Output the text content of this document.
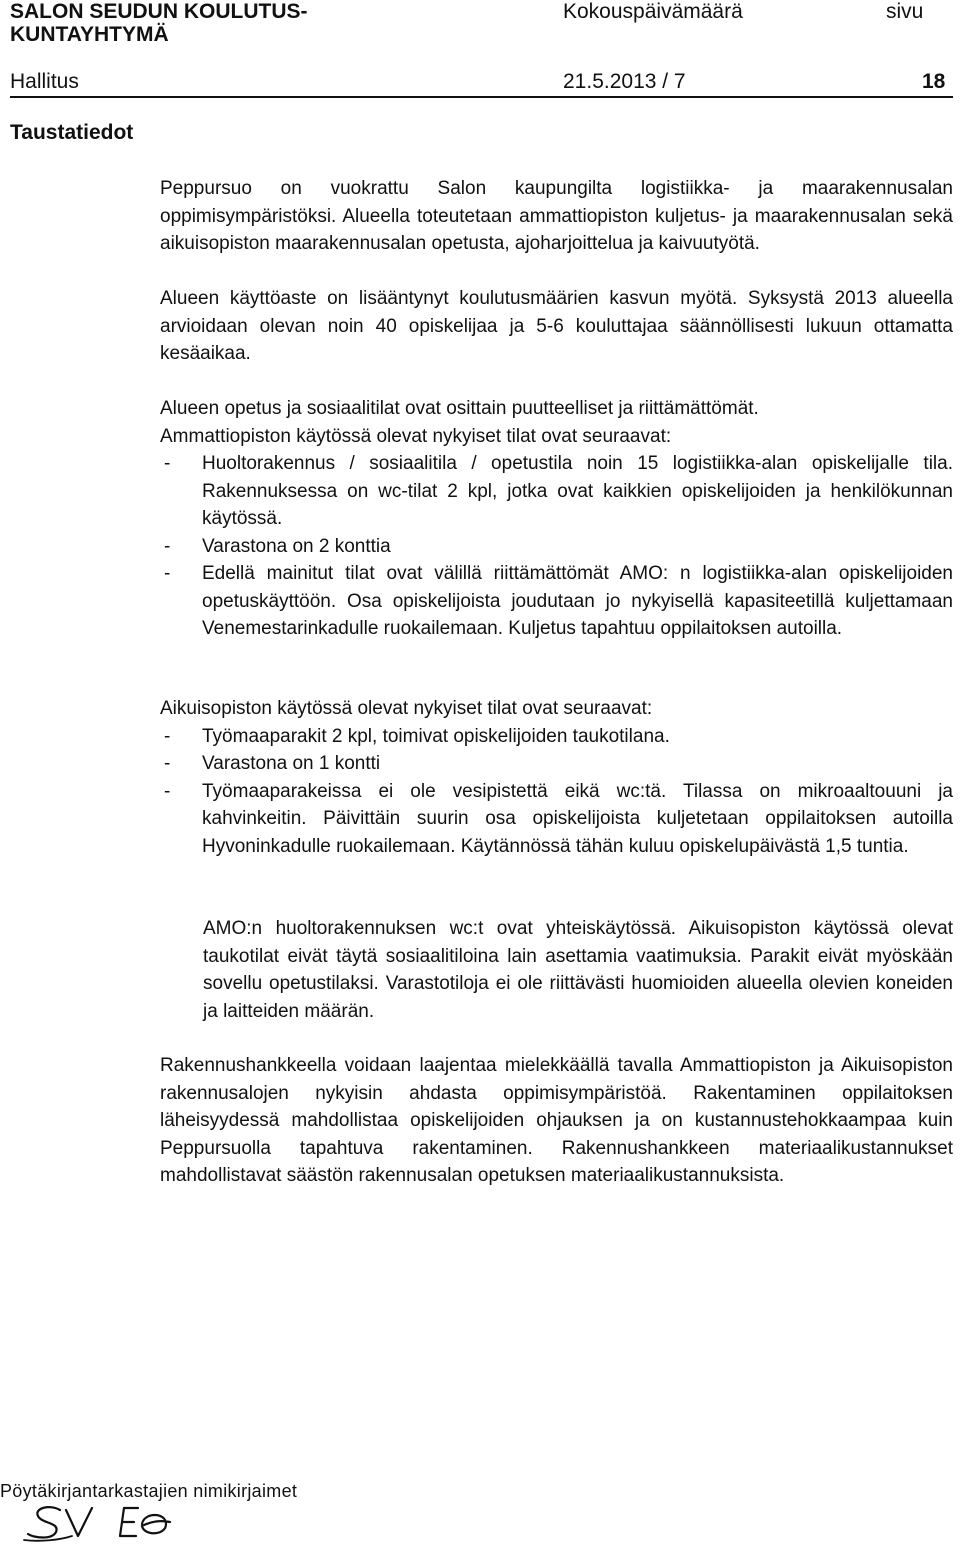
SALON SEUDUN KOULUTUS-
KUNTAYHTYMÄ
Kokouspäivämäärä	sivu
Hallitus	21.5.2013 / 7	18
Taustatiedot

Peppursuo on vuokrattu Salon kaupungilta logistiikka- ja maarakennusalan oppimisympäristöksi. Alueella toteutetaan ammattiopiston kuljetus- ja maarakennusalan sekä aikuisopiston maarakennusalan opetusta, ajoharjoittelua ja kaivuutyötä.

Alueen käyttöaste on lisääntynyt koulutusmäärien kasvun myötä. Syksystä 2013 alueella arvioidaan olevan noin 40 opiskelijaa ja 5-6 kouluttajaa säännöllisesti lukuun ottamatta kesäaikaa.

Alueen opetus ja sosiaalitilat ovat osittain puutteelliset ja riittämättömät.

Ammattiopiston käytössä olevat nykyiset tilat ovat seuraavat:

- Huoltorakennus / sosiaalitila / opetustila noin 15 logistiikka-alan opiskelijalle tila. Rakennuksessa on wc-tilat 2 kpl, jotka ovat kaikkien opiskelijoiden ja henkilökunnan käytössä.
- Varastona on 2 konttia
- Edellä mainitut tilat ovat välillä riittämättömät AMO: n logistiikka-alan opiskelijoiden opetuskäyttöön. Osa opiskelijoista joudutaan jo nykyisellä kapasiteetillä kuljettamaan Venemestarinkadulle ruokailemaan. Kuljetus tapahtuu oppilaitoksen autoilla.

Aikuisopiston käytössä olevat nykyiset tilat ovat seuraavat:

- Työmaaparakit 2 kpl, toimivat opiskelijoiden taukotilana.
- Varastona on 1 kontti
- Työmaaparakeissa ei ole vesipistettä eikä wc:tä. Tilassa on mikroaaltouuni ja kahvinkeitin. Päivittäin suurin osa opiskelijoista kuljetetaan oppilaitoksen autoilla Hyvoninkadulle ruokailemaan. Käytännössä tähän kuluu opiskelupäivästä 1,5 tuntia.

AMO:n huoltorakennuksen wc:t ovat yhteiskäytössä. Aikuisopiston käytössä olevat taukotilat eivät täytä sosiaalitiloina lain asettamia vaatimuksia. Parakit eivät myöskään sovellu opetustilaksi. Varastotiloja ei ole riittävästi huomioiden alueella olevien koneiden ja laitteiden määrän.

Rakennushankkeella voidaan laajentaa mielekkäällä tavalla Ammattiopiston ja Aikuisopiston rakennusalojen nykyisin ahdasta oppimisympäristöä. Rakentaminen oppilaitoksen läheisyydessä mahdollistaa opiskelijoiden ohjauksen ja on kustannustehokkaampaa kuin Peppursuolla tapahtuva rakentaminen. Rakennushankkeen materiaalikustannukset mahdollistavat säästön rakennusalan opetuksen materiaalikustannuksista.

Pöytäkirjantarkastajien nimikirjaimet
